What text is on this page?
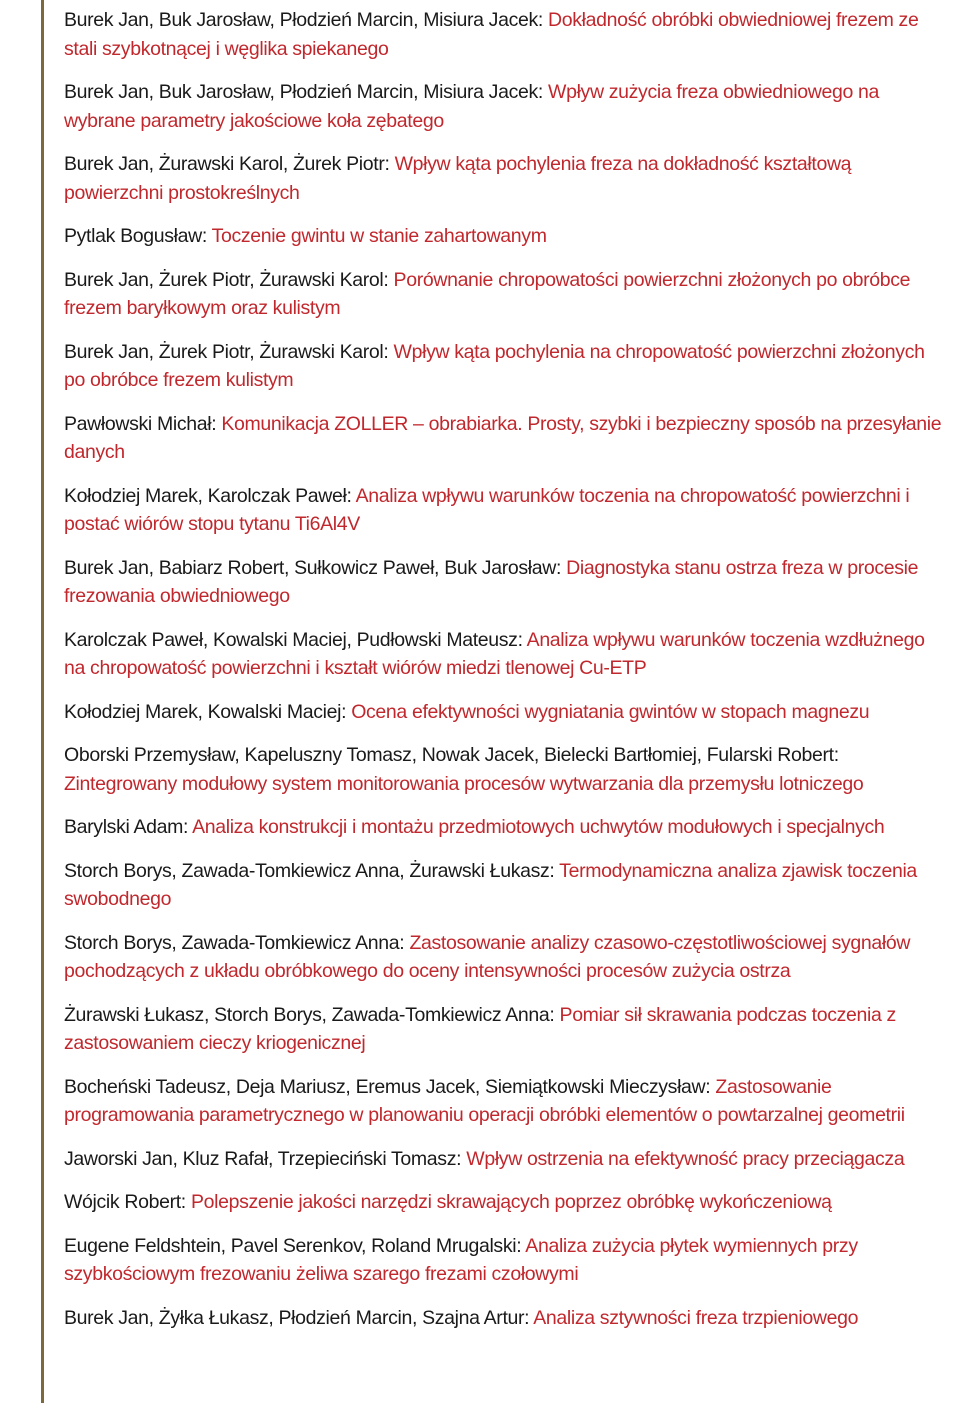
Burek Jan, Buk Jarosław, Płodzień Marcin, Misiura Jacek: Dokładność obróbki obwiedniowej frezem ze stali szybkotnącej i węglika spiekanego
Burek Jan, Buk Jarosław, Płodzień Marcin, Misiura Jacek: Wpływ zużycia freza obwiedniowego na wybrane parametry jakościowe koła zębatego
Burek Jan, Żurawski Karol, Żurek Piotr: Wpływ kąta pochylenia freza na dokładność kształtową powierzchni prostokreślnych
Pytlak Bogusław: Toczenie gwintu w stanie zahartowanym
Burek Jan, Żurek Piotr, Żurawski Karol: Porównanie chropowatości powierzchni złożonych po obróbce frezem baryłkowym oraz kulistym
Burek Jan, Żurek Piotr, Żurawski Karol: Wpływ kąta pochylenia na chropowatość powierzchni złożonych po obróbce frezem kulistym
Pawłowski Michał: Komunikacja ZOLLER – obrabiarka. Prosty, szybki i bezpieczny sposób na przesyłanie danych
Kołodziej Marek, Karolczak Paweł: Analiza wpływu warunków toczenia na chropowatość powierzchni i postać wiórów stopu tytanu Ti6Al4V
Burek Jan, Babiarz Robert, Sułkowicz Paweł, Buk Jarosław: Diagnostyka stanu ostrza freza w procesie frezowania obwiedniowego
Karolczak Paweł, Kowalski Maciej, Pudłowski Mateusz: Analiza wpływu warunków toczenia wzdłużnego na chropowatość powierzchni i kształt wiórów miedzi tlenowej Cu-ETP
Kołodziej Marek, Kowalski Maciej: Ocena efektywności wygniatania gwintów w stopach magnezu
Oborski Przemysław, Kapeluszny Tomasz, Nowak Jacek, Bielecki Bartłomiej, Fularski Robert: Zintegrowany modułowy system monitorowania procesów wytwarzania dla przemysłu lotniczego
Barylski Adam: Analiza konstrukcji i montażu przedmiotowych uchwytów modułowych i specjalnych
Storch Borys, Zawada-Tomkiewicz Anna, Żurawski Łukasz: Termodynamiczna analiza zjawisk toczenia swobodnego
Storch Borys, Zawada-Tomkiewicz Anna: Zastosowanie analizy czasowo-częstotliwościowej sygnałów pochodzących z układu obróbkowego do oceny intensywności procesów zużycia ostrza
Żurawski Łukasz, Storch Borys, Zawada-Tomkiewicz Anna: Pomiar sił skrawania podczas toczenia z zastosowaniem cieczy kriogenicznej
Bocheński Tadeusz, Deja Mariusz, Eremus Jacek, Siemiątkowski Mieczysław: Zastosowanie programowania parametrycznego w planowaniu operacji obróbki elementów o powtarzalnej geometrii
Jaworski Jan, Kluz Rafał, Trzepieciński Tomasz: Wpływ ostrzenia na efektywność pracy przeciągacza
Wójcik Robert: Polepszenie jakości narzędzi skrawających poprzez obróbkę wykończeniową
Eugene Feldshtein, Pavel Serenkov, Roland Mrugalski: Analiza zużycia płytek wymiennych przy szybkościowym frezowaniu żeliwa szarego frezami czołowymi
Burek Jan, Żyłka Łukasz, Płodzień Marcin, Szajna Artur: Analiza sztywności freza trzpieniowego
